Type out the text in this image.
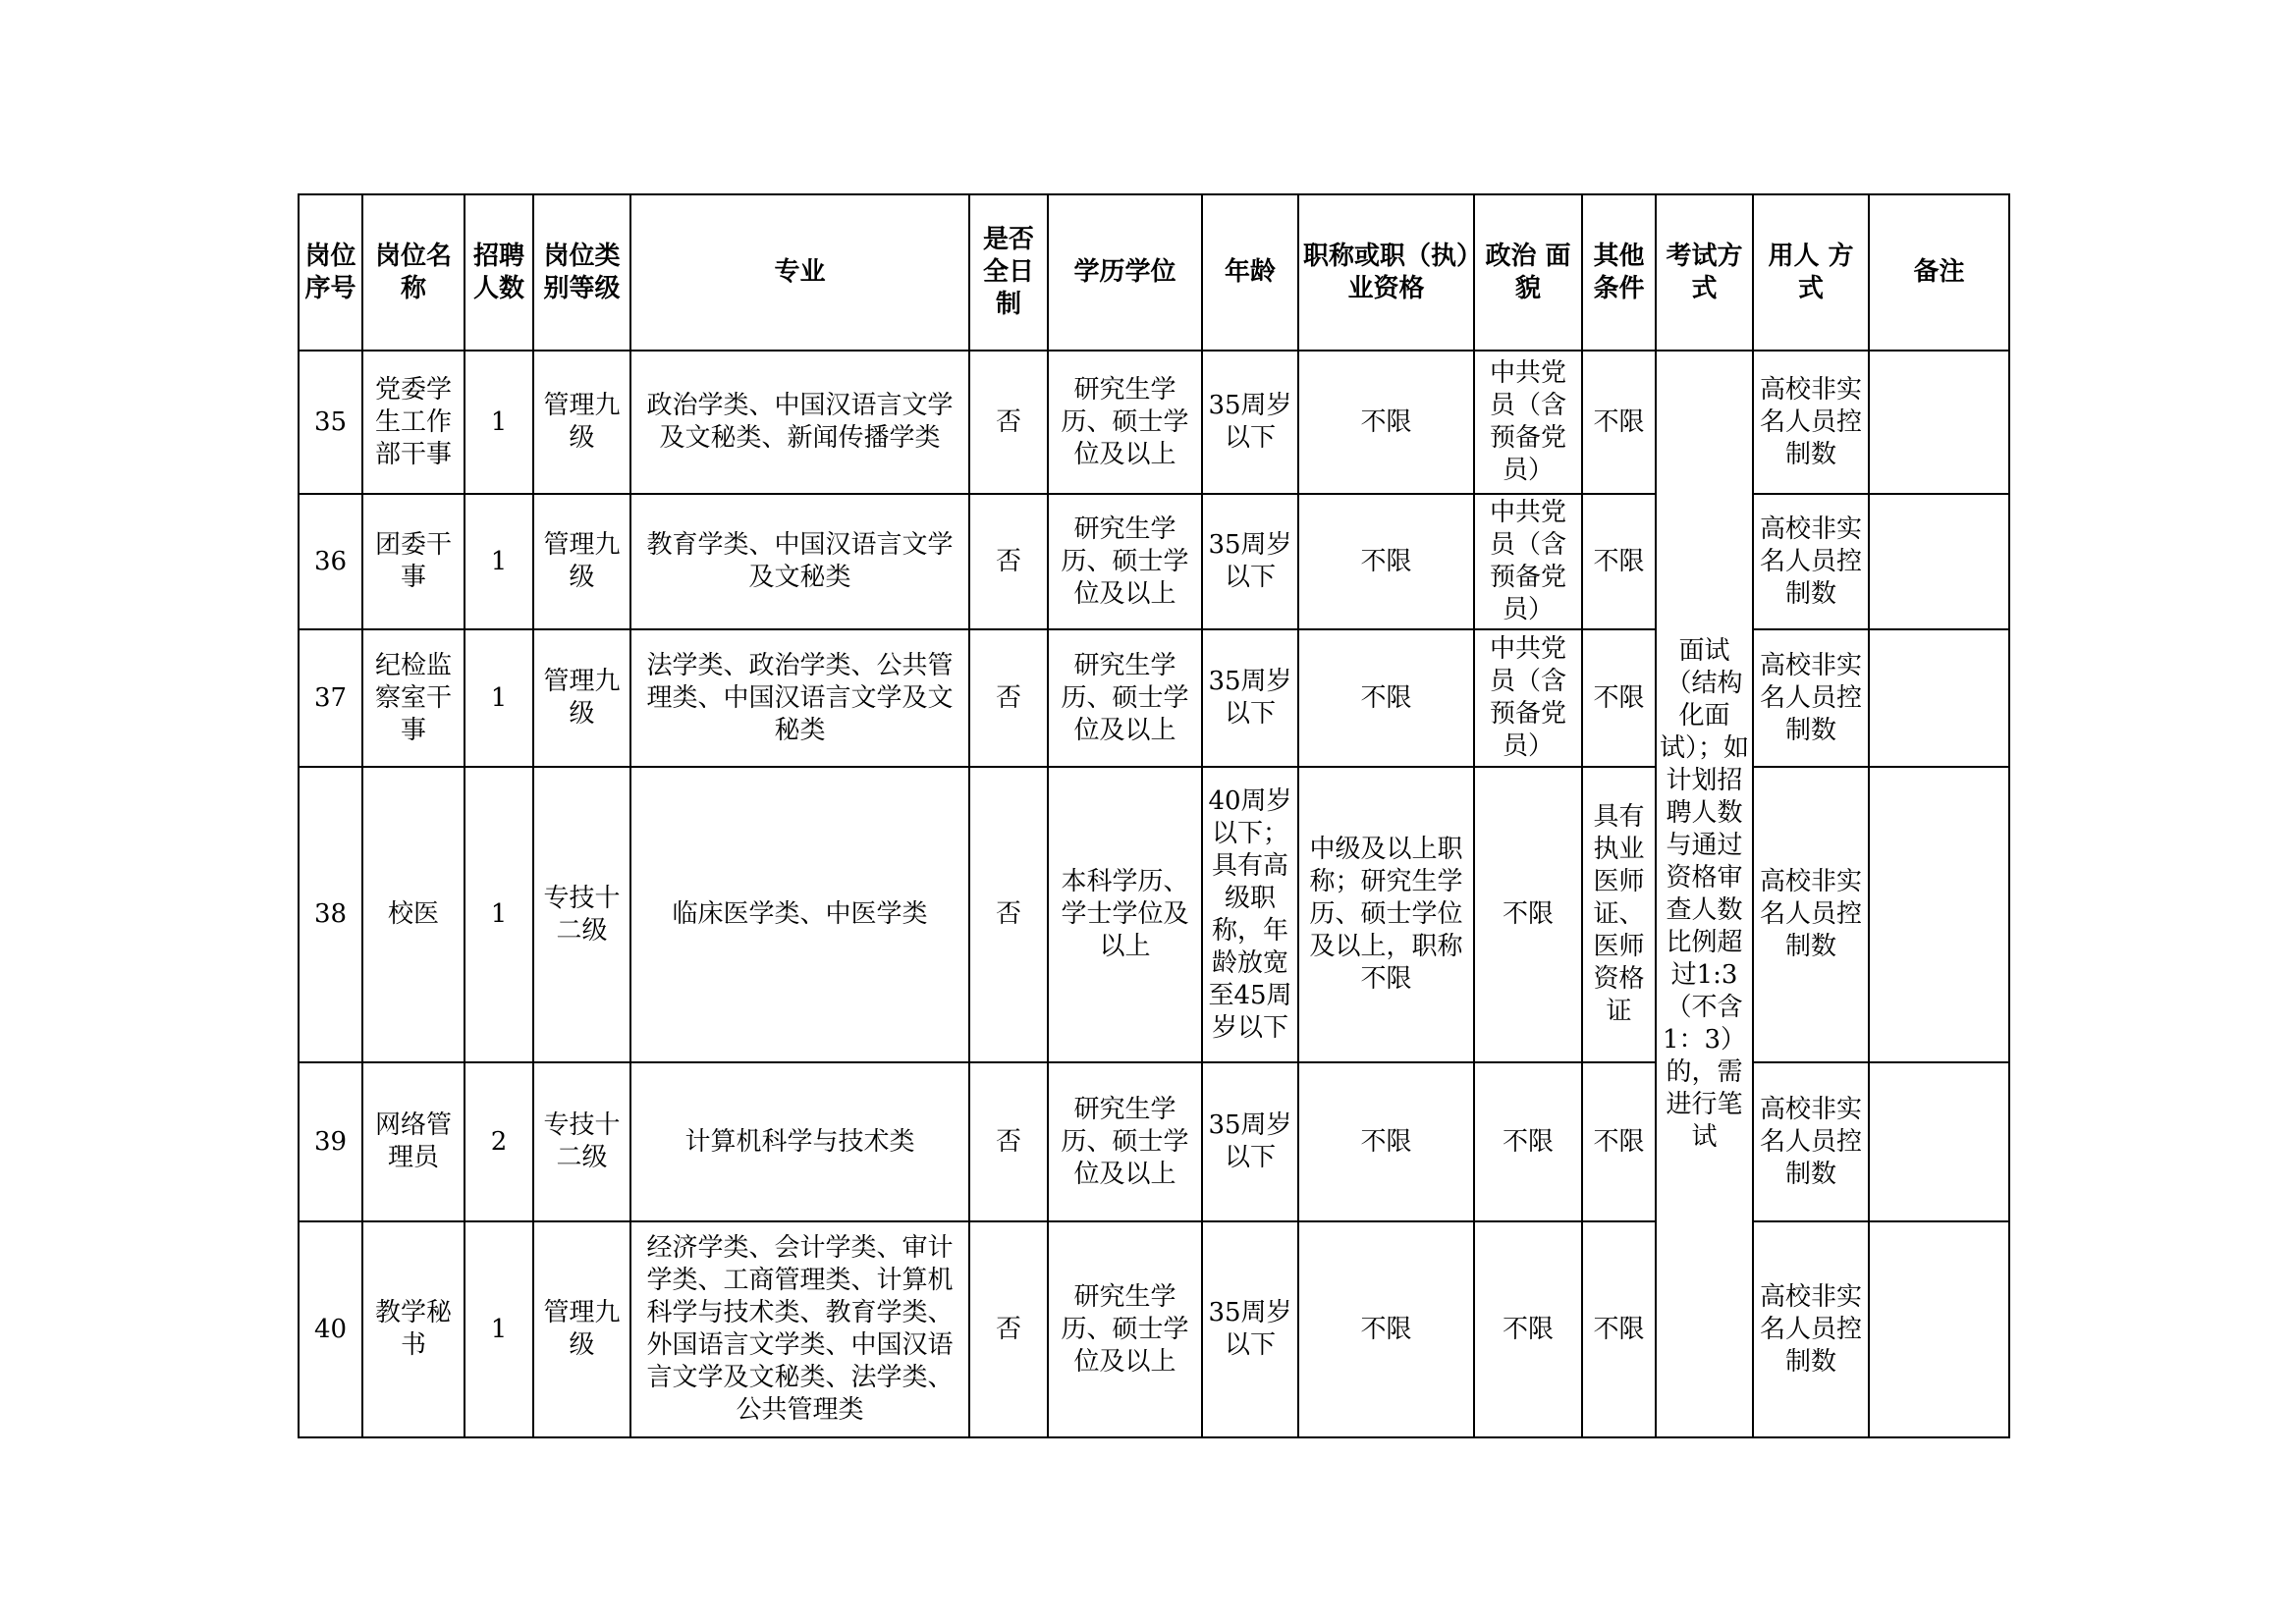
岗位序号	岗位名称	招聘人数	岗位类别等级	专业	是否全日制	学历学位	年龄	职称或职（执）业资格	政治 面貌	其他条件	考试方式	用人 方式	备注
35	党委学生工作部干事	1	管理九级	政治学类、中国汉语言文学及文秘类、新闻传播学类	否	研究生学历、硕士学位及以上	35周岁以下	不限	中共党员（含预备党员）	不限	面试（结构化面试）；如计划招聘人数与通过资格审查人数比例超过1:3（不含1：3）的，需进行笔试	高校非实名人员控制数	
36	团委干事	1	管理九级	教育学类、中国汉语言文学及文秘类	否	研究生学历、硕士学位及以上	35周岁以下	不限	中共党员（含预备党员）	不限		高校非实名人员控制数	
37	纪检监察室干事	1	管理九级	法学类、政治学类、公共管理类、中国汉语言文学及文秘类	否	研究生学历、硕士学位及以上	35周岁以下	不限	中共党员（含预备党员）	不限		高校非实名人员控制数	
38	校医	1	专技十二级	临床医学类、中医学类	否	本科学历、学士学位及以上	40周岁以下；具有高级职称，年龄放宽至45周岁以下	中级及以上职称；研究生学历、硕士学位及以上，职称不限	不限	具有执业医师证、医师资格证		高校非实名人员控制数	
39	网络管理员	2	专技十二级	计算机科学与技术类	否	研究生学历、硕士学位及以上	35周岁以下	不限	不限	不限		高校非实名人员控制数	
40	教学秘书	1	管理九级	经济学类、会计学类、审计学类、工商管理类、计算机科学与技术类、教育学类、外国语言文学类、中国汉语言文学及文秘类、法学类、公共管理类	否	研究生学历、硕士学位及以上	35周岁以下	不限	不限	不限		高校非实名人员控制数	
